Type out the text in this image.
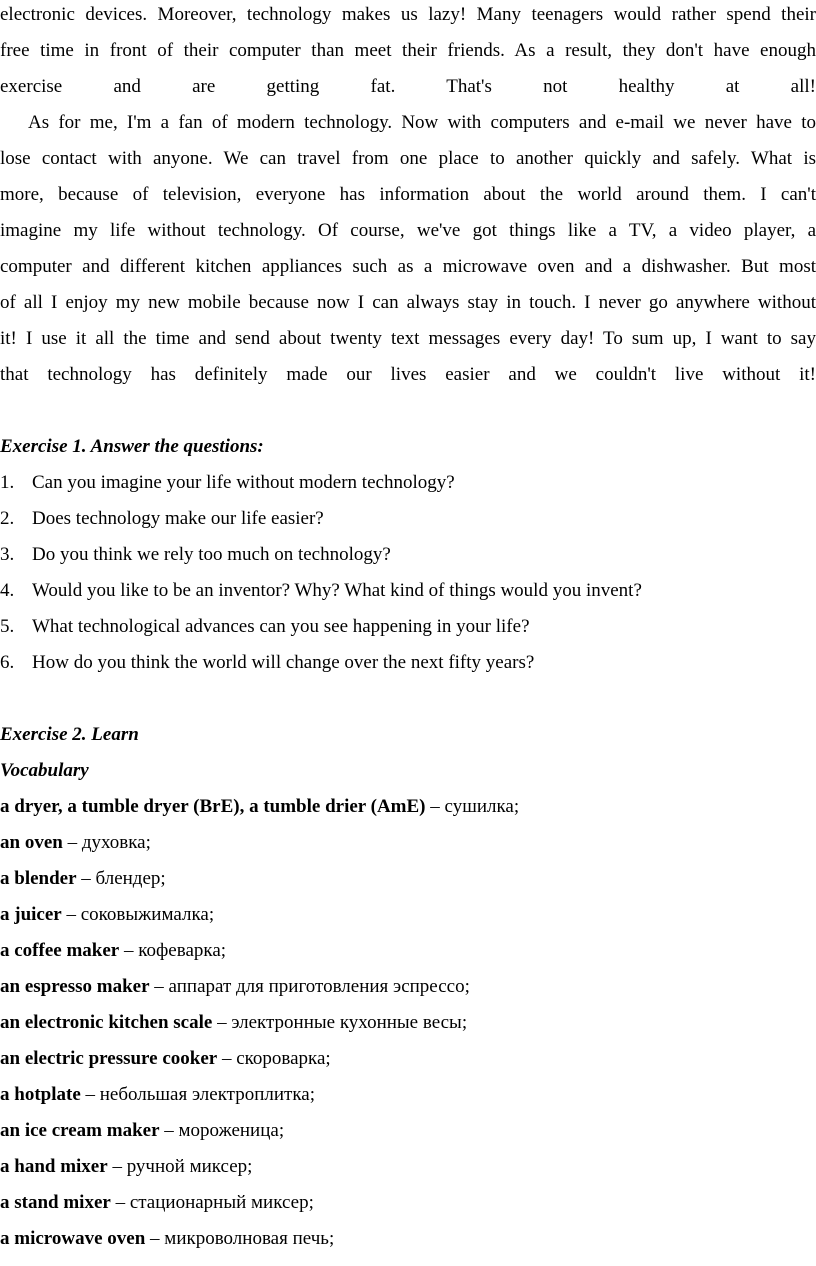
electronic devices. Moreover, technology makes us lazy! Many teenagers would rather spend their
free time in front of their computer than meet their friends. As a result, they don't have enough
exercise and are getting fat. That's not healthy at all!
As for me, I'm a fan of modern technology. Now with computers and e-mail we never have to
lose contact with anyone. We can travel from one place to another quickly and safely. What is
more, because of television, everyone has information about the world around them. I can't
imagine my life without technology. Of course, we've got things like a TV, a video player, a
computer and different kitchen appliances such as a microwave oven and a dishwasher. But most
of all I enjoy my new mobile because now I can always stay in touch. I never go anywhere without
it! I use it all the time and send about twenty text messages every day! To sum up, I want to say
that technology has definitely made our lives easier and we couldn't live without it!
Exercise 1. Answer the questions:
1. Can you imagine your life without modern technology?
2. Does technology make our life easier?
3. Do you think we rely too much on technology?
4. Would you like to be an inventor? Why? What kind of things would you invent?
5. What technological advances can you see happening in your life?
6. How do you think the world will change over the next fifty years?
Exercise 2. Learn
Vocabulary
a dryer, a tumble dryer (BrE), a tumble drier (AmE) – сушилка;
an oven – духовка;
a blender – блендер;
a juicer – соковыжималка;
a coffee maker – кофеварка;
an espresso maker – аппарат для приготовления эспрессо;
an electronic kitchen scale – электронные кухонные весы;
an electric pressure cooker – скороварка;
a hotplate – небольшая электроплитка;
an ice cream maker – мороженица;
a hand mixer – ручной миксер;
a stand mixer – стационарный миксер;
a microwave oven – микроволновая печь;
